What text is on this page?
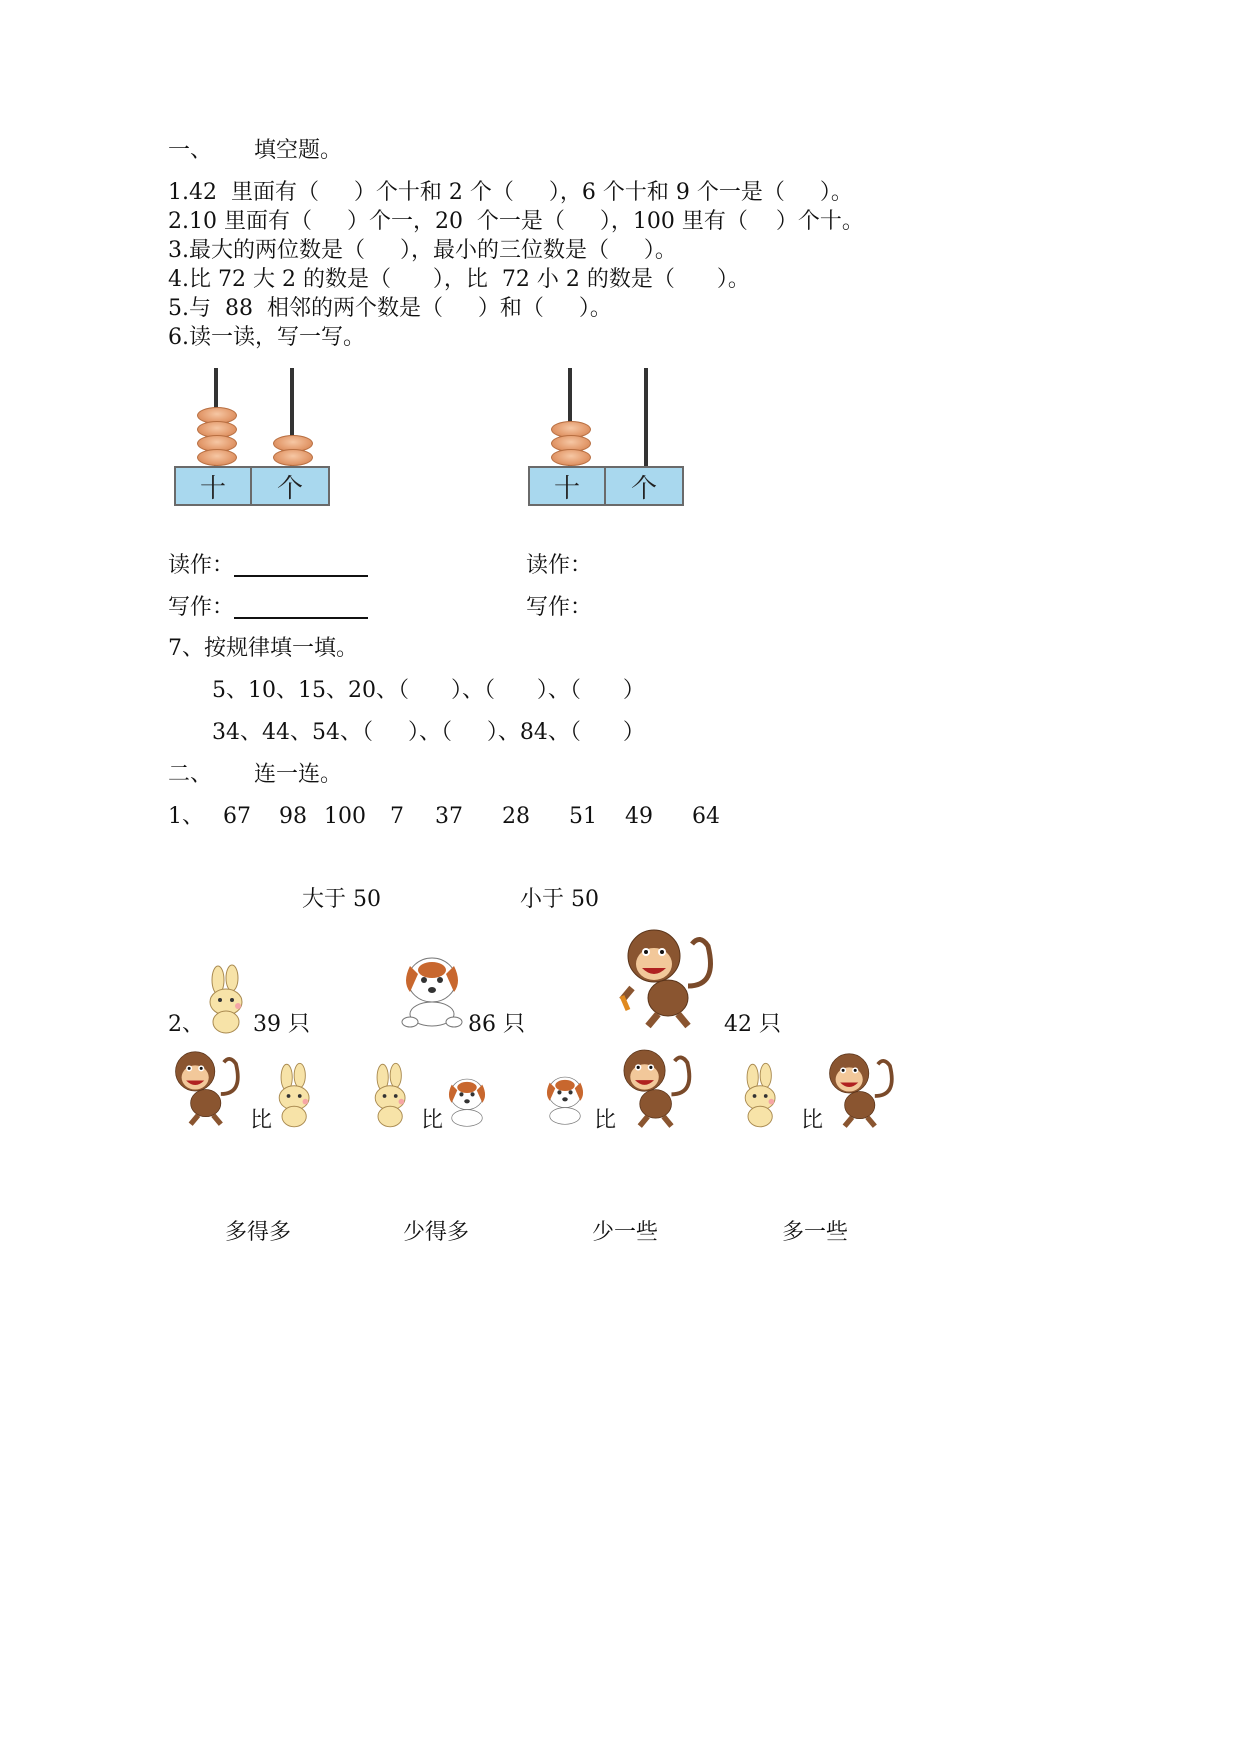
一、      填空题。
1.42  里面有（     ）个十和 2 个（     ），6 个十和 9 个一是（     ）。
2.10 里面有（     ）个一，20  个一是（     ），100 里有（    ）个十。
3.最大的两位数是（     ），最小的三位数是（     ）。
4.比 72 大 2 的数是（      ），比  72 小 2 的数是（      ）。
5.与  88  相邻的两个数是（     ）和（     ）。
6.读一读，写一写。
十	个	十	个
读作：	读作：
写作：	写作：
7、按规律填一填。
5、10、15、20、（      ）、（      ）、（      ）
34、44、54、（     ）、（     ）、84、（      ）
二、      连一连。
1、 67 98 100 7 37 28 51 49 64
大于 50	小于 50
2、 39 只	86 只	42 只
比	比	比	比
多得多	少得多	少一些	多一些
